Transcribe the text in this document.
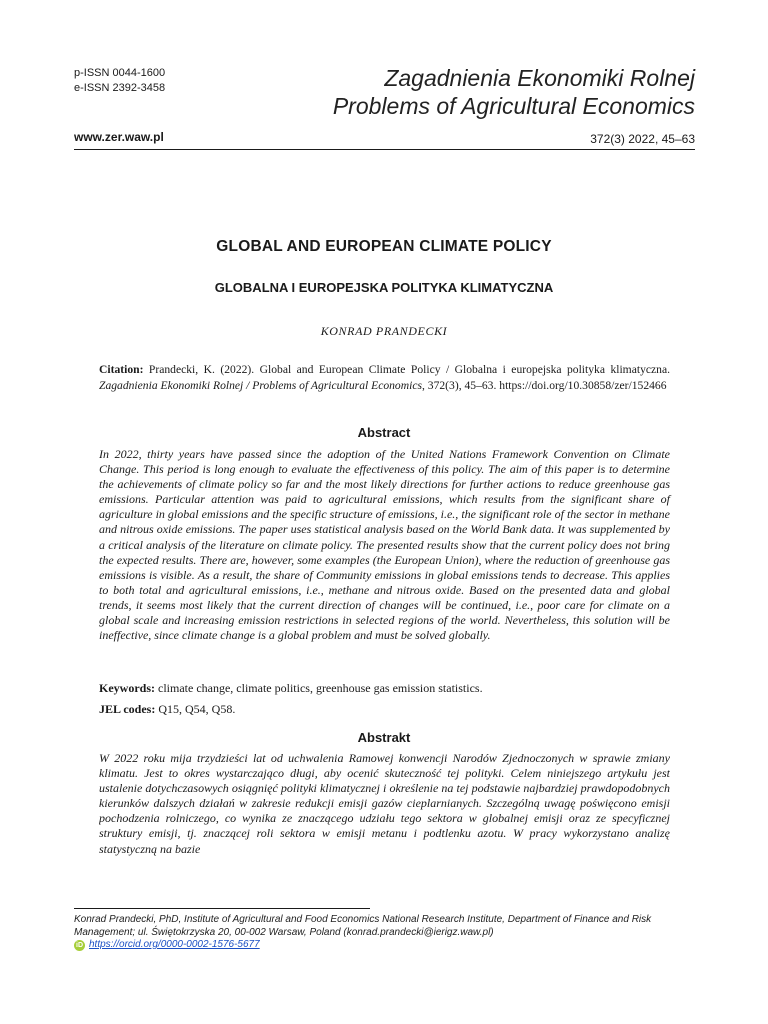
p-ISSN 0044-1600
e-ISSN 2392-3458	Zagadnienia Ekonomiki Rolnej
Problems of Agricultural Economics
www.zer.waw.pl	372(3) 2022, 45–63
GLOBAL AND EUROPEAN CLIMATE POLICY
GLOBALNA I EUROPEJSKA POLITYKA KLIMATYCZNA
KONRAD PRANDECKI
Citation: Prandecki, K. (2022). Global and European Climate Policy / Globalna i europejska polityka klimatyczna. Zagadnienia Ekonomiki Rolnej / Problems of Agricultural Economics, 372(3), 45–63. https://doi.org/10.30858/zer/152466
Abstract
In 2022, thirty years have passed since the adoption of the United Nations Framework Convention on Climate Change. This period is long enough to evaluate the effectiveness of this policy. The aim of this paper is to determine the achievements of climate policy so far and the most likely directions for further actions to reduce greenhouse gas emissions. Particular attention was paid to agricultural emissions, which results from the significant share of agriculture in global emissions and the specific structure of emissions, i.e., the significant role of the sector in methane and nitrous oxide emissions. The paper uses statistical analysis based on the World Bank data. It was supplemented by a critical analysis of the literature on climate policy. The presented results show that the current policy does not bring the expected results. There are, however, some examples (the European Union), where the reduction of greenhouse gas emissions is visible. As a result, the share of Community emissions in global emissions tends to decrease. This applies to both total and agricultural emissions, i.e., methane and nitrous oxide. Based on the presented data and global trends, it seems most likely that the current direction of changes will be continued, i.e., poor care for climate on a global scale and increasing emission restrictions in selected regions of the world. Nevertheless, this solution will be ineffective, since climate change is a global problem and must be solved globally.
Keywords: climate change, climate politics, greenhouse gas emission statistics.
JEL codes: Q15, Q54, Q58.
Abstrakt
W 2022 roku mija trzydzieści lat od uchwalenia Ramowej konwencji Narodów Zjednoczonych w sprawie zmiany klimatu. Jest to okres wystarczająco długi, aby ocenić skuteczność tej polityki. Celem niniejszego artykułu jest ustalenie dotychczasowych osiągnięć polityki klimatycznej i określenie na tej podstawie najbardziej prawdopodobnych kierunków dalszych działań w zakresie redukcji emisji gazów cieplarnianych. Szczególną uwagę poświęcono emisji pochodzenia rolniczego, co wynika ze znaczącego udziału tego sektora w globalnej emisji oraz ze specyficznej struktury emisji, tj. znaczącej roli sektora w emisji metanu i podtlenku azotu. W pracy wykorzystano analizę statystyczną na bazie
Konrad Prandecki, PhD, Institute of Agricultural and Food Economics National Research Institute, Department of Finance and Risk Management; ul. Świętokrzyska 20, 00-002 Warsaw, Poland (konrad.prandecki@ierigz.waw.pl)
iD https://orcid.org/0000-0002-1576-5677
